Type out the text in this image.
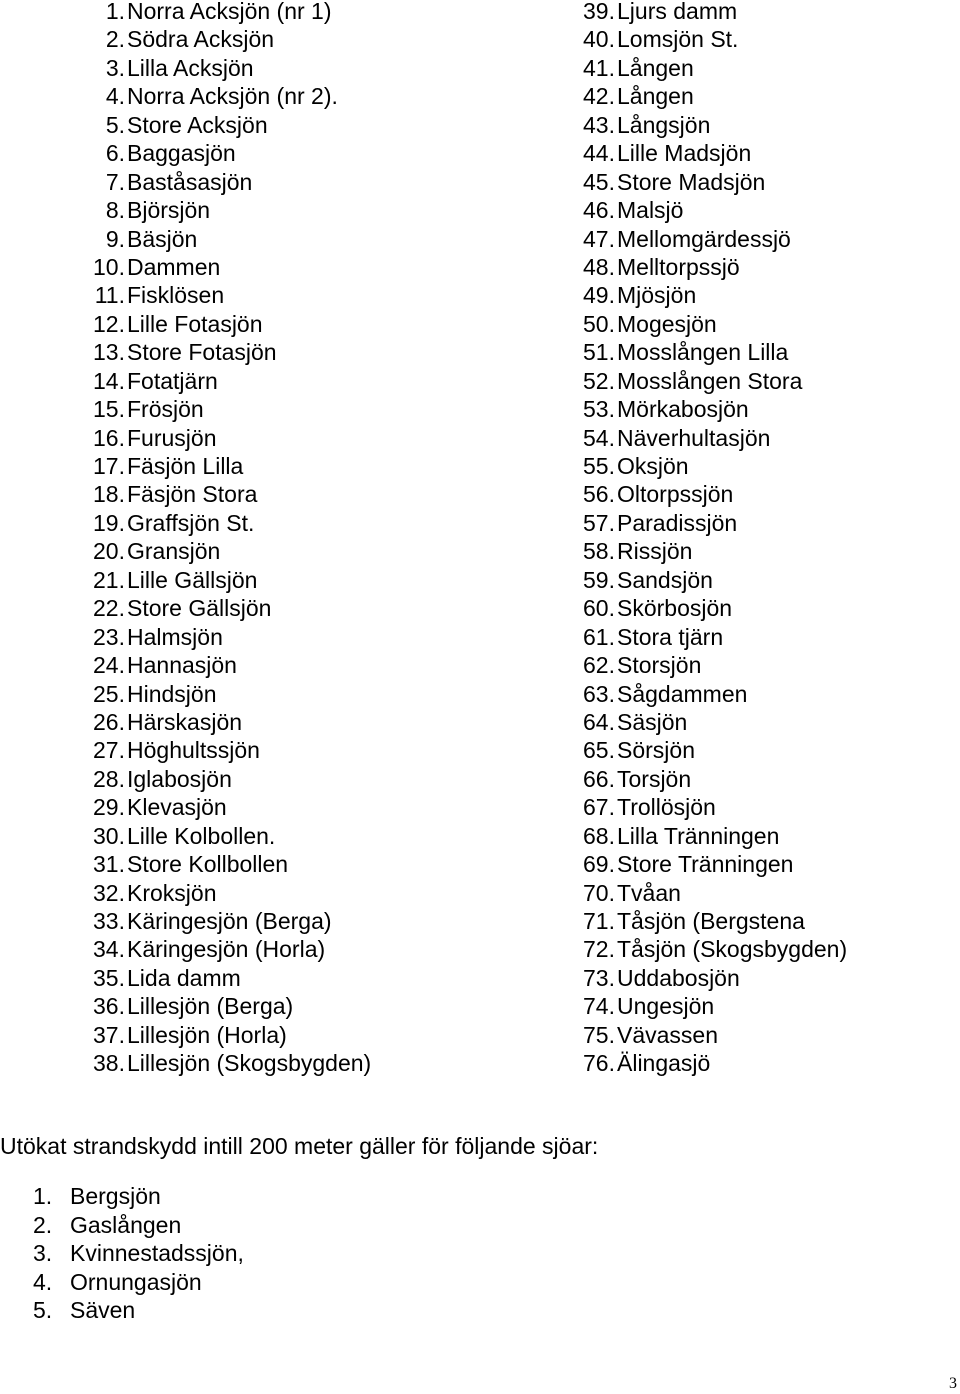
1. Norra Acksjön (nr 1)
2. Södra Acksjön
3. Lilla Acksjön
4. Norra Acksjön (nr 2).
5. Store Acksjön
6. Baggasjön
7. Baståsasjön
8. Björsjön
9. Bäsjön
10. Dammen
11. Fisklösen
12. Lille Fotasjön
13. Store Fotasjön
14. Fotatjärn
15. Frösjön
16. Furusjön
17. Fäsjön Lilla
18. Fäsjön Stora
19. Graffsjön St.
20. Gransjön
21. Lille Gällsjön
22. Store Gällsjön
23. Halmsjön
24. Hannasjön
25. Hindsjön
26. Härskasjön
27. Höghultssjön
28. Iglabosjön
29. Klevasjön
30. Lille Kolbollen.
31. Store Kollbollen
32. Kroksjön
33. Käringesjön (Berga)
34. Käringesjön (Horla)
35. Lida damm
36. Lillesjön (Berga)
37. Lillesjön (Horla)
38. Lillesjön (Skogsbygden)
39. Ljurs damm
40. Lomsjön St.
41. Lången
42. Lången
43. Långsjön
44. Lille Madsjön
45. Store Madsjön
46. Malsjö
47. Mellomgärdessjö
48. Melltorpssjö
49. Mjösjön
50. Mogesjön
51. Mosslången Lilla
52. Mosslången Stora
53. Mörkabosjön
54. Näverhultasjön
55. Oksjön
56. Oltorpssjön
57. Paradissjön
58. Rissjön
59. Sandsjön
60. Skörbosjön
61. Stora tjärn
62. Storsjön
63. Sågdammen
64. Säsjön
65. Sörsjön
66. Torsjön
67. Trollösjön
68. Lilla Tränningen
69. Store Tränningen
70. Tvåan
71. Tåsjön (Bergstena
72. Tåsjön (Skogsbygden)
73. Uddabosjön
74. Ungesjön
75. Vävassen
76. Älingasjö
Utökat strandskydd intill 200 meter gäller för följande sjöar:
1. Bergsjön
2. Gaslången
3. Kvinnestadssjön,
4. Ornungasjön
5. Säven
3
